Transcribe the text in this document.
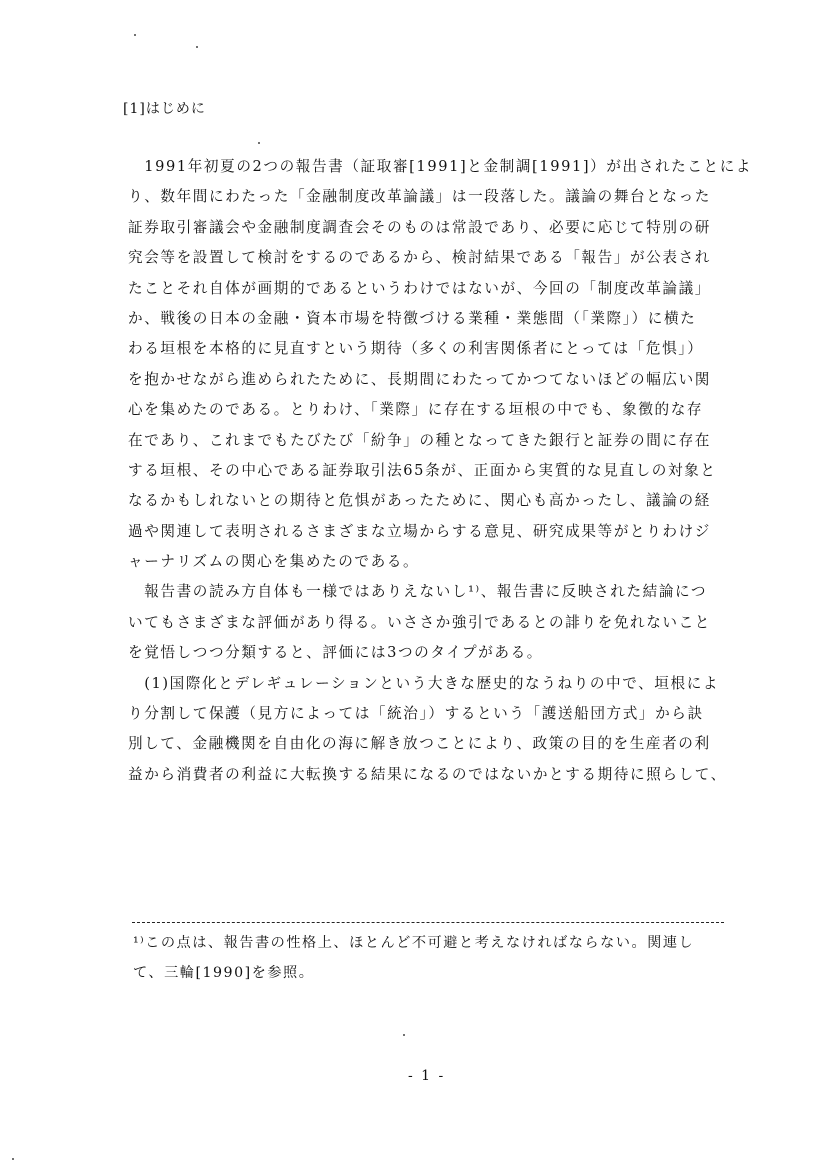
[1]はじめに
　1991年初夏の2つの報告書（証取審[1991]と金制調[1991]）が出されたことによ
り、数年間にわたった「金融制度改革論議」は一段落した。議論の舞台となった
証券取引審議会や金融制度調査会そのものは常設であり、必要に応じて特別の研
究会等を設置して検討をするのであるから、検討結果である「報告」が公表され
たことそれ自体が画期的であるというわけではないが、今回の「制度改革論議」
か、戦後の日本の金融・資本市場を特徴づける業種・業態間（「業際」）に横た
わる垣根を本格的に見直すという期待（多くの利害関係者にとっては「危惧」）
を抱かせながら進められたために、長期間にわたってかつてないほどの幅広い関
心を集めたのである。とりわけ、「業際」に存在する垣根の中でも、象徴的な存
在であり、これまでもたびたび「紛争」の種となってきた銀行と証券の間に存在
する垣根、その中心である証券取引法65条が、正面から実質的な見直しの対象と
なるかもしれないとの期待と危惧があったために、関心も高かったし、議論の経
過や関連して表明されるさまざまな立場からする意見、研究成果等がとりわけジ
ャーナリズムの関心を集めたのである。
　報告書の読み方自体も一様ではありえないし¹⁾、報告書に反映された結論につ
いてもさまざまな評価があり得る。いささか強引であるとの誹りを免れないこと
を覚悟しつつ分類すると、評価には3つのタイプがある。
　(1)国際化とデレギュレーションという大きな歴史的なうねりの中で、垣根によ
り分割して保護（見方によっては「統治」）するという「護送船団方式」から訣
別して、金融機関を自由化の海に解き放つことにより、政策の目的を生産者の利
益から消費者の利益に大転換する結果になるのではないかとする期待に照らして、
¹⁾この点は、報告書の性格上、ほとんど不可避と考えなければならない。関連し
て、三輪[1990]を参照。
- 1 -
